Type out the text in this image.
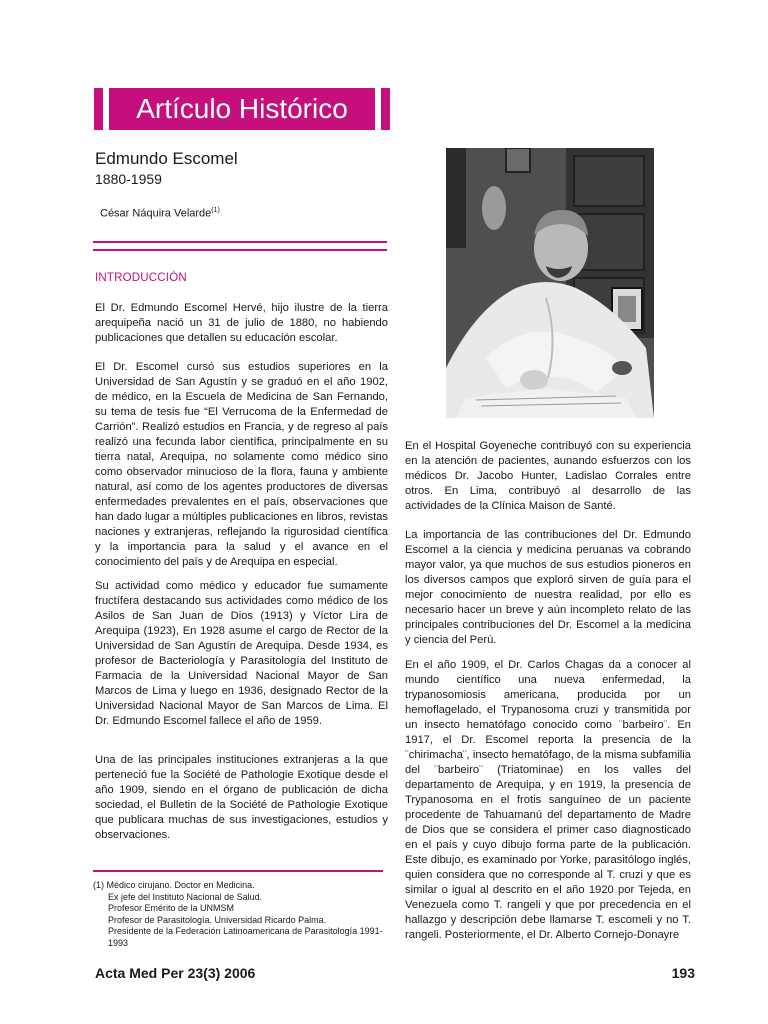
Artículo Histórico
Edmundo Escomel
1880-1959
César Náquira Velarde$^{(1)}$
INTRODUCCIÓN

El Dr. Edmundo Escomel Hervé, hijo ilustre de la tierra arequipeña nació un 31 de julio de 1880, no habiendo publicaciones que detallen su educación escolar.

El Dr. Escomel cursó sus estudios superiores en la Universidad de San Agustín y se graduó en el año 1902, de médico, en la Escuela de Medicina de San Fernando, su tema de tesis fue “El Verrucoma de la Enfermedad de Carrión”. Realizó estudios en Francia, y de regreso al país realizó una fecunda labor científica, principalmente en su tierra natal, Arequipa, no solamente como médico sino como observador minucioso de la flora, fauna y ambiente natural, así como de los agentes productores de diversas enfermedades prevalentes en el país, observaciones que han dado lugar a múltiples publicaciones en libros, revistas naciones y extranjeras, reflejando la rigurosidad científica y la importancia para la salud y el avance en el conocimiento del país y de Arequipa en especial.

Su actividad como médico y educador fue sumamente fructífera destacando sus actividades como médico de los Asilos de San Juan de Dios (1913) y Víctor Lira de Arequipa (1923), En 1928 asume el cargo de Rector de la Universidad de San Agustín de Arequipa. Desde 1934, es profesor de Bacteriología y Parasitología del Instituto de Farmacia de la Universidad Nacional Mayor de San Marcos de Lima y luego en 1936, designado Rector de la Universidad Nacional Mayor de San Marcos de Lima. El Dr. Edmundo Escomel fallece el año de 1959.

Una de las principales instituciones extranjeras a la que perteneció fue la Société de Pathologie Exotique desde el año 1909, siendo en el órgano de publicación de dicha sociedad, el Bulletin de la Société de Pathologie Exotique que publicara muchas de sus investigaciones, estudios y observaciones.

(1) Médico cirujano. Doctor en Medicina.
Ex jefe del Instituto Nacional de Salud.
Profesor Emérito de la UNMSM
Profesor de Parasitología. Universidad Ricardo Palma.
Presidente de la Federación Latinoamericana de Parasitología 1991-1993

En el Hospital Goyeneche contribuyó con su experiencia en la atención de pacientes, aunando esfuerzos con los médicos Dr. Jacobo Hunter, Ladislao Corrales entre otros. En Lima, contribuyó al desarrollo de las actividades de la Clínica Maison de Santé.

La importancia de las contribuciones del Dr. Edmundo Escomel a la ciencia y medicina peruanas va cobrando mayor valor, ya que muchos de sus estudios pioneros en los diversos campos que exploró sirven de guía para el mejor conocimiento de nuestra realidad, por ello es necesario hacer un breve y aún incompleto relato de las principales contribuciones del Dr. Escomel a la medicina y ciencia del Perú.

En el año 1909, el Dr. Carlos Chagas da a conocer al mundo científico una nueva enfermedad, la trypanosomiosis americana, producida por un hemoflagelado, el Trypanosoma cruzi y transmitida por un insecto hematófago conocido como ¨barbeiro¨. En 1917, el Dr. Escomel reporta la presencia de la ¨chirimacha¨, insecto hematófago, de la misma subfamilia del ¨barbeiro¨ (Triatominae) en los valles del departamento de Arequipa, y en 1919, la presencia de Trypanosoma en el frotis sanguíneo de un paciente procedente de Tahuamanú del departamento de Madre de Dios que se considera el primer caso diagnosticado en el país y cuyo dibujo forma parte de la publicación. Este dibujo, es examinado por Yorke, parasitólogo inglés, quien considera que no corresponde al T. cruzi y que es similar o igual al descrito en el año 1920 por Tejeda, en Venezuela como T. rangeli y que por precedencia en el hallazgo y descripción debe llamarse T. escomeli y no T. rangeli. Posteriormente, el Dr. Alberto Cornejo-Donayre

Acta Med Per 23(3) 2006	193
